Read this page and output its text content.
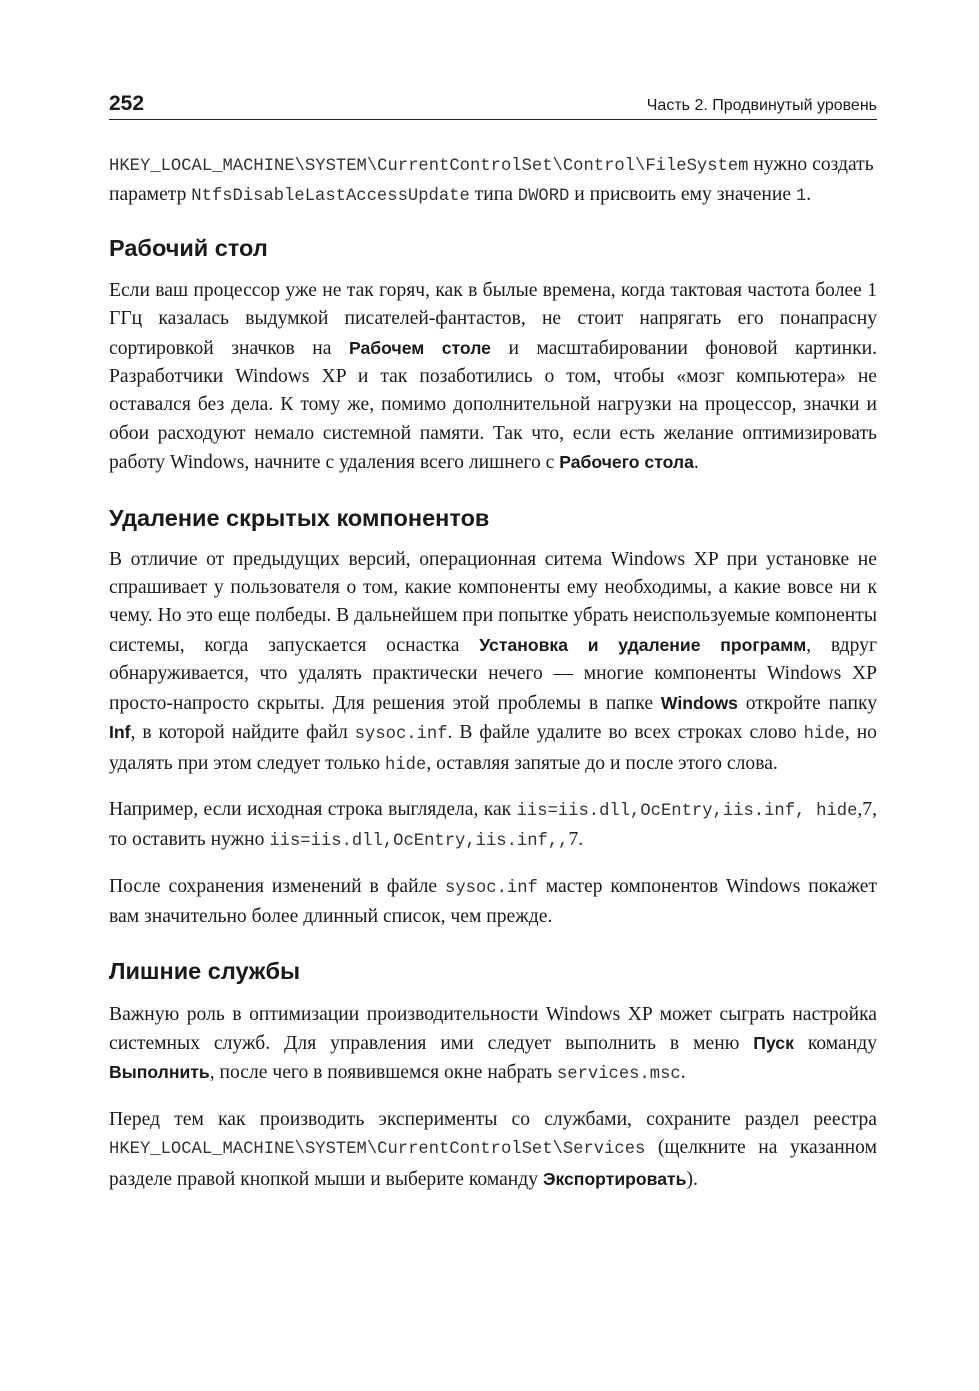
252	Часть 2. Продвинутый уровень

HKEY_LOCAL_MACHINE\SYSTEM\CurrentControlSet\Control\FileSystem нужно создать параметр NtfsDisableLastAccessUpdate типа DWORD и присвоить ему значение 1.

Рабочий стол

Если ваш процессор уже не так горяч, как в былые времена, когда тактовая частота более 1 ГГц казалась выдумкой писателей-фантастов, не стоит напрягать его понапрасну сортировкой значков на Рабочем столе и масштабировании фоновой картинки. Разработчики Windows XP и так позаботились о том, чтобы «мозг компьютера» не оставался без дела. К тому же, помимо дополнительной нагрузки на процессор, значки и обои расходуют немало системной памяти. Так что, если есть желание оптимизировать работу Windows, начните с удаления всего лишнего с Рабочего стола.

Удаление скрытых компонентов

В отличие от предыдущих версий, операционная ситема Windows XP при установке не спрашивает у пользователя о том, какие компоненты ему необходимы, а какие вовсе ни к чему. Но это еще полбеды. В дальнейшем при попытке убрать неиспользуемые компоненты системы, когда запускается оснастка Установка и удаление программ, вдруг обнаруживается, что удалять практически нечего — многие компоненты Windows XP просто-напросто скрыты. Для решения этой проблемы в папке Windows откройте папку Inf, в которой найдите файл sysoc.inf. В файле удалите во всех строках слово hide, но удалять при этом следует только hide, оставляя запятые до и после этого слова.

Например, если исходная строка выглядела, как iis=iis.dll,OcEntry,iis.inf, hide,7, то оставить нужно iis=iis.dll,OcEntry,iis.inf,,7.

После сохранения изменений в файле sysoc.inf мастер компонентов Windows покажет вам значительно более длинный список, чем прежде.

Лишние службы

Важную роль в оптимизации производительности Windows XP может сыграть настройка системных служб. Для управления ими следует выполнить в меню Пуск команду Выполнить, после чего в появившемся окне набрать services.msc.

Перед тем как производить эксперименты со службами, сохраните раздел реестра HKEY_LOCAL_MACHINE\SYSTEM\CurrentControlSet\Services (щелкните на указанном разделе правой кнопкой мыши и выберите команду Экспортировать).
